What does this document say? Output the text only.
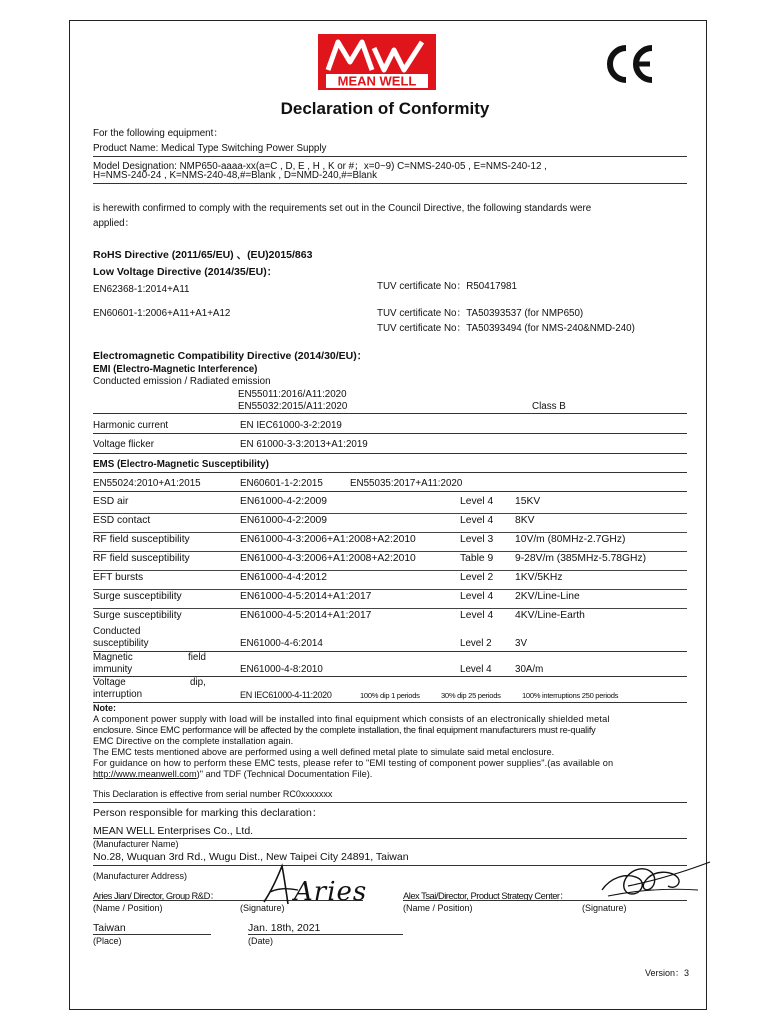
MEAN WELL
Declaration of Conformity
For the following equipment：
Product Name: Medical Type Switching Power Supply
Model Designation: NMP650-aaaa-xx(a=C , D, E , H , K or #；x=0~9) C=NMS-240-05 , E=NMS-240-12 ,
H=NMS-240-24 , K=NMS-240-48,#=Blank , D=NMD-240,#=Blank
is herewith confirmed to comply with the requirements set out in the Council Directive, the following standards were
applied：
RoHS Directive (2011/65/EU) 、(EU)2015/863
Low Voltage Directive (2014/35/EU)：
EN62368-1:2014+A11	TUV certificate No：R50417981
EN60601-1:2006+A11+A1+A12	TUV certificate No：TA50393537 (for NMP650)
TUV certificate No：TA50393494 (for NMS-240&NMD-240)
Electromagnetic Compatibility Directive (2014/30/EU)：
EMI (Electro-Magnetic Interference)
Conducted emission / Radiated emission
EN55011:2016/A11:2020
EN55032:2015/A11:2020	Class B
Harmonic current	EN IEC61000-3-2:2019
Voltage flicker	EN 61000-3-3:2013+A1:2019
EMS (Electro-Magnetic Susceptibility)
EN55024:2010+A1:2015	EN60601-1-2:2015	EN55035:2017+A11:2020
ESD air	EN61000-4-2:2009	Level 4 15KV
ESD contact	EN61000-4-2:2009	Level 4 8KV
RF field susceptibility	EN61000-4-3:2006+A1:2008+A2:2010	Level 3 10V/m (80MHz-2.7GHz)
RF field susceptibility	EN61000-4-3:2006+A1:2008+A2:2010	Table 9 9-28V/m (385MHz-5.78GHz)
EFT bursts	EN61000-4-4:2012	Level 2 1KV/5KHz
Surge susceptibility	EN61000-4-5:2014+A1:2017	Level 4 2KV/Line-Line
Surge susceptibility	EN61000-4-5:2014+A1:2017	Level 4 4KV/Line-Earth
Conducted
susceptibility	EN61000-4-6:2014	Level 2 3V
Magnetic	field
immunity	EN61000-4-8:2010	Level 4 30A/m
Voltage	dip,
interruption	EN IEC61000-4-11:2020	100% dip 1 periods	30% dip 25 periods	100% interruptions 250 periods
Note:
A component power supply with load will be installed into final equipment which consists of an electronically shielded metal
enclosure. Since EMC performance will be affected by the complete installation, the final equipment manufacturers must re-qualify
EMC Directive on the complete installation again.
The EMC tests mentioned above are performed using a well defined metal plate to simulate said metal enclosure.
For guidance on how to perform these EMC tests, please refer to "EMI testing of component power supplies".(as available on
http://www.meanwell.com)" and TDF (Technical Documentation File).
This Declaration is effective from serial number RC0xxxxxxx
Person responsible for marking this declaration：
MEAN WELL Enterprises Co., Ltd.
(Manufacturer Name)
No.28, Wuquan 3rd Rd., Wugu Dist., New Taipei City 24891, Taiwan
(Manufacturer Address)
Aries Jian/ Director, Group R&D：	Alex Tsai/Director, Product Strategy Center：
Aries
(Name / Position)	(Signature)	(Name / Position)	(Signature)
Taiwan	Jan. 18th, 2021
(Place)	(Date)
Version：3
